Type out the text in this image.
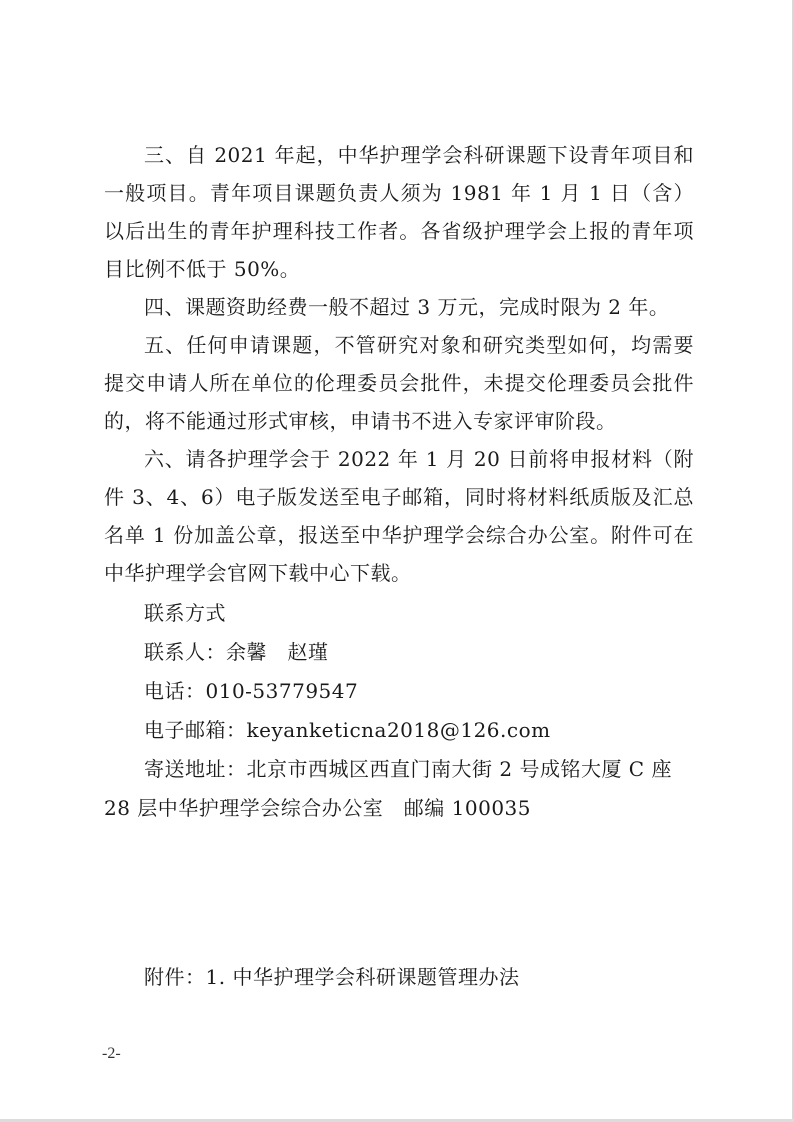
三、自 2021 年起，中华护理学会科研课题下设青年项目和一般项目。青年项目课题负责人须为 1981 年 1 月 1 日（含）以后出生的青年护理科技工作者。各省级护理学会上报的青年项目比例不低于 50%。

四、课题资助经费一般不超过 3 万元，完成时限为 2 年。

五、任何申请课题，不管研究对象和研究类型如何，均需要提交申请人所在单位的伦理委员会批件，未提交伦理委员会批件的，将不能通过形式审核，申请书不进入专家评审阶段。

六、请各护理学会于 2022 年 1 月 20 日前将申报材料（附件 3、4、6）电子版发送至电子邮箱，同时将材料纸质版及汇总名单 1 份加盖公章，报送至中华护理学会综合办公室。附件可在中华护理学会官网下载中心下载。

联系方式
联系人：余馨　赵瑾
电话：010-53779547
电子邮箱：keyanketicna2018@126.com
寄送地址：北京市西城区西直门南大街 2 号成铭大厦 C 座
28 层中华护理学会综合办公室　邮编 100035
附件：1. 中华护理学会科研课题管理办法
-2-
